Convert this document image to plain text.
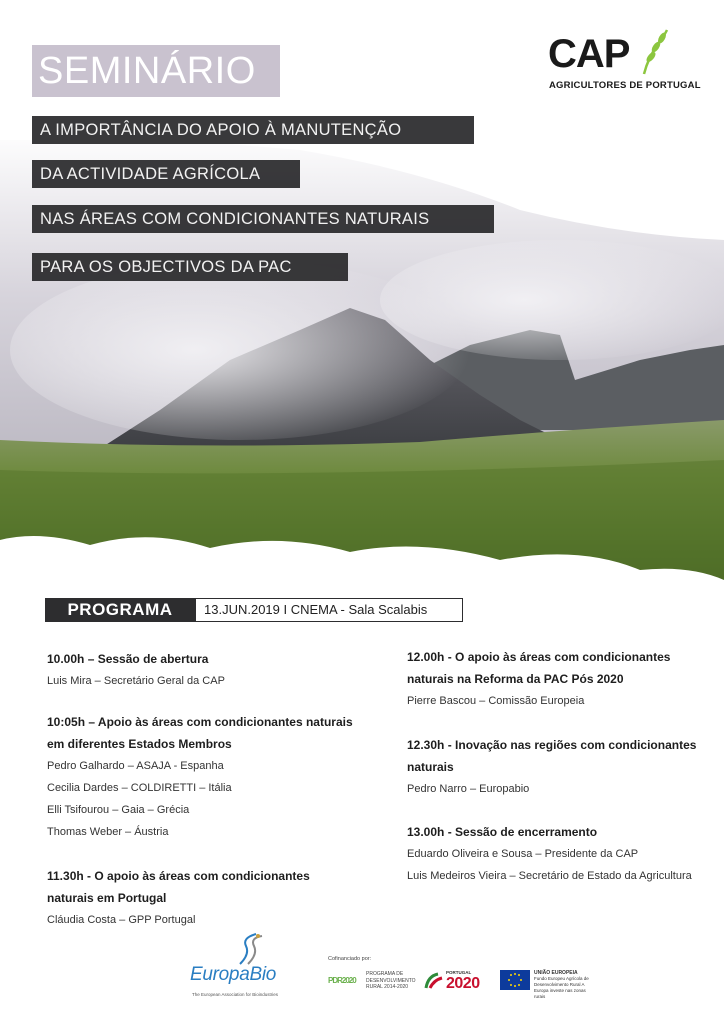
SEMINÁRIO
A IMPORTÂNCIA DO APOIO À MANUTENÇÃO
DA ACTIVIDADE AGRÍCOLA
NAS ÁREAS COM CONDICIONANTES NATURAIS
PARA OS OBJECTIVOS DA PAC
CAP
AGRICULTORES DE PORTUGAL
PROGRAMA	13.JUN.2019 I CNEMA - Sala Scalabis
10.00h – Sessão de abertura
Luis Mira – Secretário Geral da CAP
10:05h – Apoio às áreas com condicionantes naturais
em diferentes Estados Membros
Pedro Galhardo – ASAJA - Espanha
Cecilia Dardes – COLDIRETTI – Itália
Elli Tsifourou – Gaia – Grécia
Thomas Weber – Áustria
11.30h - O apoio às áreas com condicionantes
naturais em Portugal
Cláudia Costa – GPP Portugal
12.00h - O apoio às áreas com condicionantes
naturais na Reforma da PAC Pós 2020
Pierre Bascou – Comissão Europeia
12.30h - Inovação nas regiões com condicionantes
naturais
Pedro Narro – Europabio
13.00h - Sessão de encerramento
Eduardo Oliveira e Sousa – Presidente da CAP
Luis Medeiros Vieira – Secretário de Estado da Agricultura
EuropaBio
The European Association for Bioindustries
Cofinanciado por:
PDR2020
PROGRAMA DE DESENVOLVIMENTO RURAL 2014-2020
PORTUGAL
2020
UNIÃO EUROPEIA
Fundo Europeu Agrícola de Desenvolvimento Rural A Europa investe nas zonas rurais
